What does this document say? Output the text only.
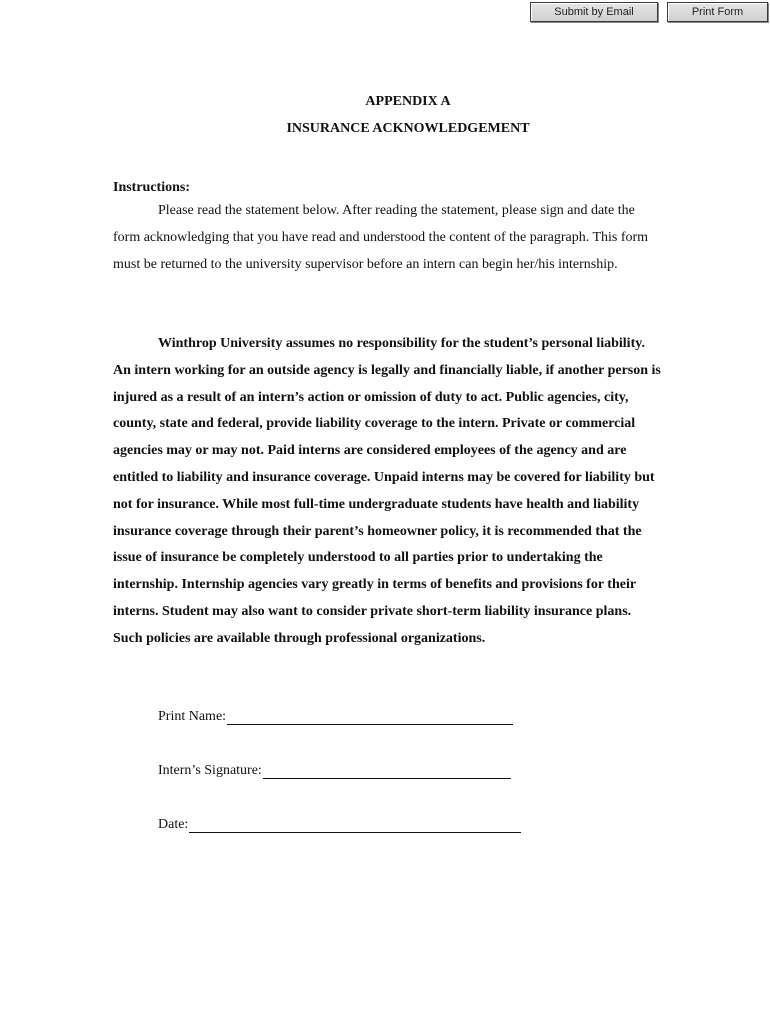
Submit by Email	Print Form
APPENDIX A
INSURANCE ACKNOWLEDGEMENT
Instructions:

Please read the statement below. After reading the statement, please sign and date the form acknowledging that you have read and understood the content of the paragraph. This form must be returned to the university supervisor before an intern can begin her/his internship.

Winthrop University assumes no responsibility for the student’s personal liability. An intern working for an outside agency is legally and financially liable, if another person is injured as a result of an intern’s action or omission of duty to act. Public agencies, city, county, state and federal, provide liability coverage to the intern. Private or commercial agencies may or may not. Paid interns are considered employees of the agency and are entitled to liability and insurance coverage. Unpaid interns may be covered for liability but not for insurance. While most full-time undergraduate students have health and liability insurance coverage through their parent’s homeowner policy, it is recommended that the issue of insurance be completely understood to all parties prior to undertaking the internship. Internship agencies vary greatly in terms of benefits and provisions for their interns. Student may also want to consider private short-term liability insurance plans. Such policies are available through professional organizations.

Print Name:
Intern’s Signature:
Date:
